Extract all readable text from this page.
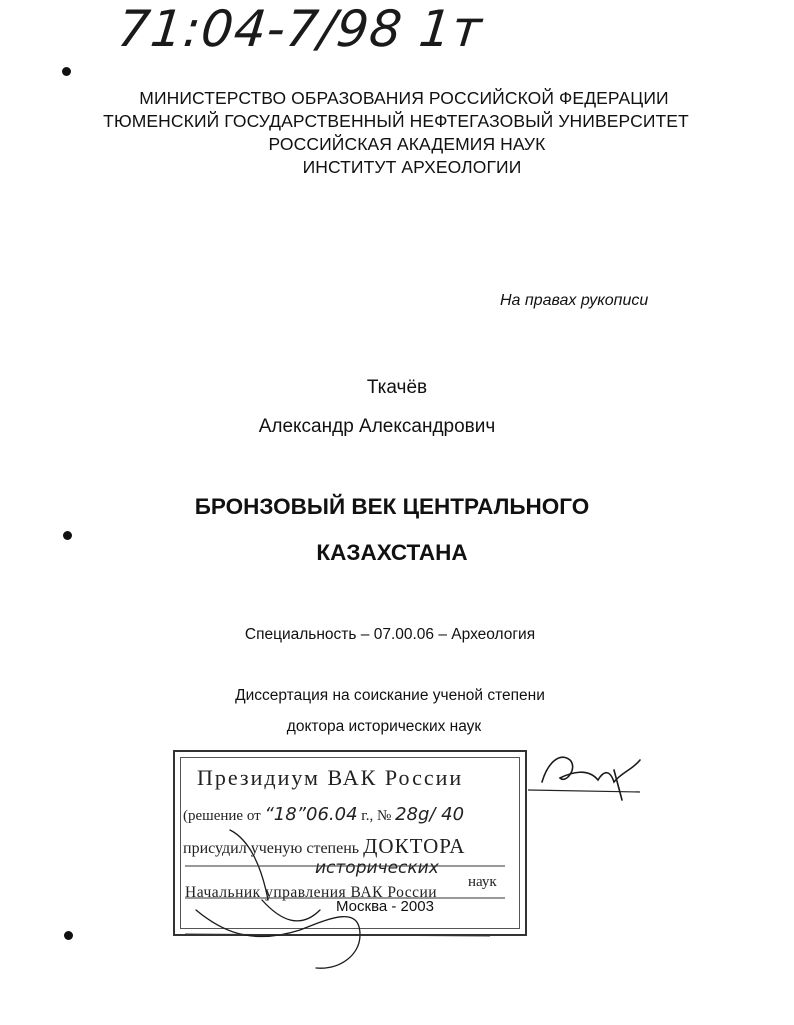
71:04-7/98 1т
МИНИСТЕРСТВО ОБРАЗОВАНИЯ РОССИЙСКОЙ ФЕДЕРАЦИИ
ТЮМЕНСКИЙ ГОСУДАРСТВЕННЫЙ НЕФТЕГАЗОВЫЙ УНИВЕРСИТЕТ
РОССИЙСКАЯ АКАДЕМИЯ НАУК
ИНСТИТУТ АРХЕОЛОГИИ
На правах рукописи
Ткачёв
Александр Александрович
БРОНЗОВЫЙ ВЕК ЦЕНТРАЛЬНОГО
КАЗАХСТАНА
Специальность – 07.00.06 – Археология
Диссертация на соискание ученой степени
доктора исторических наук
Президиум ВАК России
(решение от “18”06.04 г., № 28g/ 40
присудил ученую степень ДОКТОРА
исторических
наук
Начальник управления ВАК России
Москва - 2003
